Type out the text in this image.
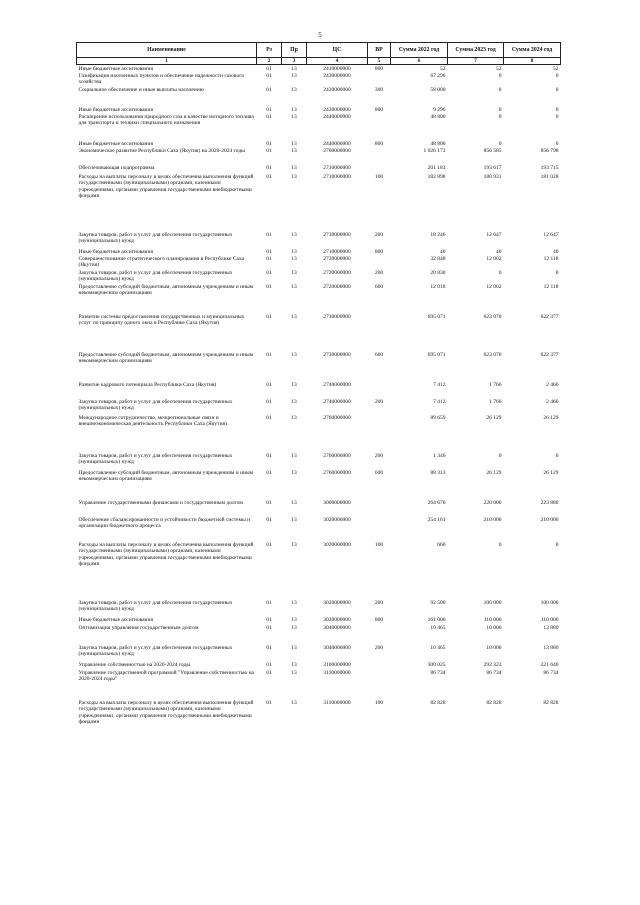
5
Наименование	Рз	Пр	ЦС	ВР	Сумма 2022 год	Сумма 2023 год	Сумма 2024 год
1	2	3	4	5	6	7	8
Иные бюджетные ассигнования	01	13	2410000000	800	52	52	52
Газификация населенных пунктов и обеспечение надежности газового хозяйства	01	13	2430000000		67 296	0	0
Социальное обеспечение и иные выплаты населению	01	13	2430000000	300	58 000	0	0
Иные бюджетные ассигнования	01	13	2430000000	800	9 296	0	0
Расширение использования природного газа в качестве моторного топлива для транспорта и техники специального назначения	01	13	2440000000		48 800	0	0
Иные бюджетные ассигнования	01	13	2440000000	800	48 800	0	0
Экономическое развитие Республики Саха (Якутия) на 2020-2024 годы	01	13	2700000000		1 026 173	856 585	856 798
Обеспечивающая подпрограмма	01	13	2710000000		201 183	193 617	193 715
Расходы на выплаты персоналу в целях обеспечения выполнения функций государственными (муниципальными) органами, казенными учреждениями, органами управления государственными внебюджетными фондами	01	13	2710000000	100	182 898	180 931	181 028
Закупка товаров, работ и услуг для обеспечения государственных (муниципальных) нужд	01	13	2710000000	200	18 246	12 647	12 647
Иные бюджетные ассигнования	01	13	2710000000	800	40	40	40
Совершенствование стратегического планирования в Республике Саха (Якутия)	01	13	2720000000		32 848	12 002	12 118
Закупка товаров, работ и услуг для обеспечения государственных (муниципальных) нужд	01	13	2720000000	200	20 830	0	0
Предоставление субсидий бюджетным, автономным учреждениям и иным некоммерческим организациям	01	13	2720000000	600	12 018	12 002	12 118
Развитие системы предоставления государственных и муниципальных услуг по принципу одного окна в Республике Саха (Якутия)	01	13	2730000000		695 071	623 070	622 377
Предоставление субсидий бюджетным, автономным учреждениям и иным некоммерческим организациям	01	13	2730000000	600	695 071	623 070	622 377
Развитие кадрового потенциала Республики Саха (Якутия)	01	13	2740000000		7 412	1 766	2 460
Закупка товаров, работ и услуг для обеспечения государственных (муниципальных) нужд	01	13	2740000000	200	7 412	1 766	2 460
Международное сотрудничество, межрегиональные связи и внешнеэкономическая деятельность Республики Саха (Якутия)	01	13	2760000000		89 659	26 129	26 129
Закупка товаров, работ и услуг для обеспечения государственных (муниципальных) нужд	01	13	2760000000	200	1 346	0	0
Предоставление субсидий бюджетным, автономным учреждениям и иным некоммерческим организациям	01	13	2760000000	600	88 313	26 129	26 129
Управление государственными финансами и государственным долгом	01	13	3000000000		264 676	220 000	223 880
Обеспечение сбалансированности и устойчивости бюджетной системы и организации бюджетного процесса	01	13	3020000000		254 161	210 000	210 000
Расходы на выплаты персоналу в целях обеспечения выполнения функций государственными (муниципальными) органами, казенными учреждениями, органами управления государственными внебюджетными фондами	01	13	3020000000	100	660	0	0
Закупка товаров, работ и услуг для обеспечения государственных (муниципальных) нужд	01	13	3020000000	200	92 500	100 000	100 000
Иные бюджетные ассигнования	01	13	3020000000	800	161 000	110 000	110 000
Оптимизация управления государственным долгом	01	13	3040000000		10 465	10 000	13 880
Закупка товаров, работ и услуг для обеспечения государственных (муниципальных) нужд	01	13	3040000000	200	10 465	10 000	13 880
Управление собственностью на 2020-2024 годы	01	13	3100000000		300 025	292 323	221 640
Управление государственной программой "Управление собственностью на 2020-2024 годы"	01	13	3110000000		86 734	86 734	86 734
Расходы на выплаты персоналу в целях обеспечения выполнения функций государственными (муниципальными) органами, казенными учреждениями, органами управления государственными внебюджетными фондами	01	13	3110000000	100	82 828	82 828	82 828
